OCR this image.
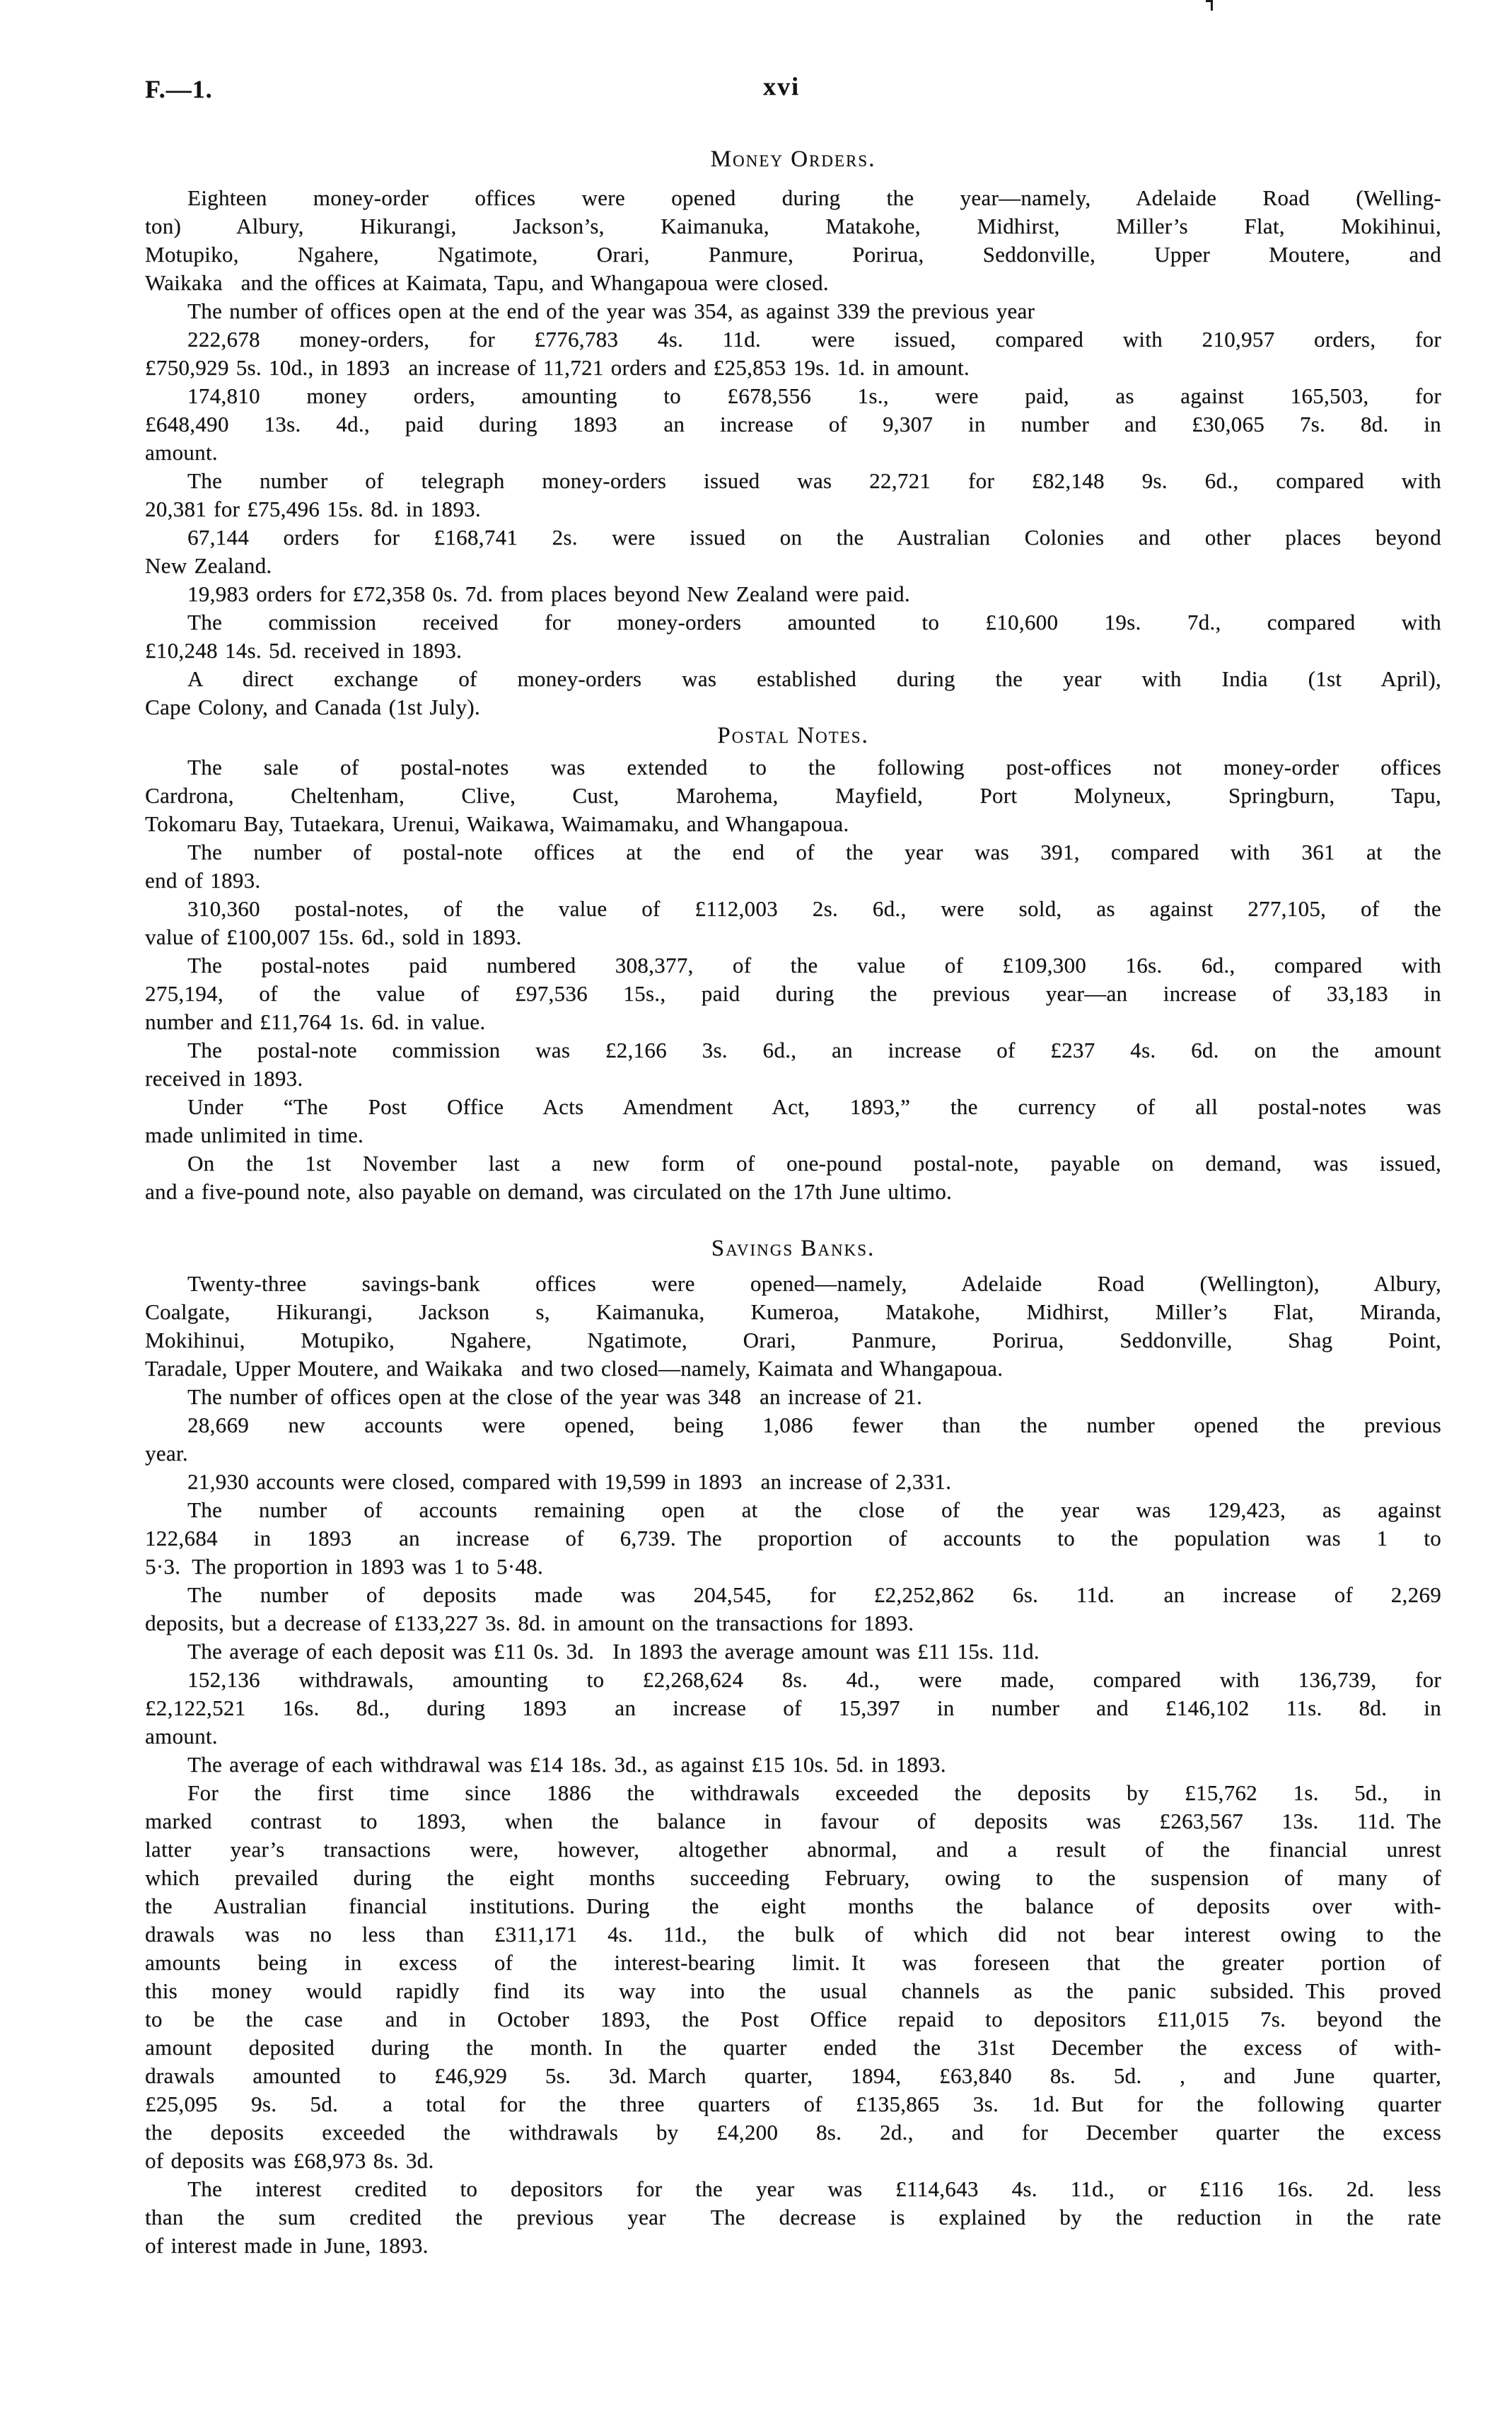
F.—1.	xvi
Money Orders.
Eighteen money-order offices were opened during the year—namely, Adelaide Road (Welling-
ton) Albury, Hikurangi, Jackson’s, Kaimanuka, Matakohe, Midhirst, Miller’s Flat, Mokihinui,
Motupiko, Ngahere, Ngatimote, Orari, Panmure, Porirua, Seddonville, Upper Moutere, and
Waikaka  and the offices at Kaimata, Tapu, and Whangapoua were closed.
The number of offices open at the end of the year was 354, as against 339 the previous year
222,678 money-orders, for £776,783 4s. 11d.  were issued, compared with 210,957 orders, for
£750,929 5s. 10d., in 1893  an increase of 11,721 orders and £25,853 19s. 1d. in amount.
174,810 money orders, amounting to £678,556 1s., were paid, as against 165,503, for
£648,490 13s. 4d., paid during 1893  an increase of 9,307 in number and £30,065 7s. 8d. in
amount.
The number of telegraph money-orders issued was 22,721 for £82,148 9s. 6d., compared with
20,381 for £75,496 15s. 8d. in 1893.
67,144 orders for £168,741 2s. were issued on the Australian Colonies and other places beyond
New Zealand.
19,983 orders for £72,358 0s. 7d. from places beyond New Zealand were paid.
The commission received for money-orders amounted to £10,600 19s. 7d., compared with
£10,248 14s. 5d. received in 1893.
A direct exchange of money-orders was established during the year with India (1st April),
Cape Colony, and Canada (1st July).
Postal Notes.
The sale of postal-notes was extended to the following post-offices not money-order offices
Cardrona, Cheltenham, Clive, Cust, Marohema, Mayfield, Port Molyneux, Springburn, Tapu,
Tokomaru Bay, Tutaekara, Urenui, Waikawa, Waimamaku, and Whangapoua.
The number of postal-note offices at the end of the year was 391, compared with 361 at the
end of 1893.
310,360 postal-notes, of the value of £112,003 2s. 6d., were sold, as against 277,105, of the
value of £100,007 15s. 6d., sold in 1893.
The postal-notes paid numbered 308,377, of the value of £109,300 16s. 6d., compared with
275,194, of the value of £97,536 15s., paid during the previous year—an increase of 33,183 in
number and £11,764 1s. 6d. in value.
The postal-note commission was £2,166 3s. 6d., an increase of £237 4s. 6d. on the amount
received in 1893.
Under “The Post Office Acts Amendment Act, 1893,” the currency of all postal-notes was
made unlimited in time.
On the 1st November last a new form of one-pound postal-note, payable on demand, was issued,
and a five-pound note, also payable on demand, was circulated on the 17th June ultimo.
Savings Banks.
Twenty-three savings-bank offices were opened—namely, Adelaide Road (Wellington), Albury,
Coalgate, Hikurangi, Jackson s, Kaimanuka, Kumeroa, Matakohe, Midhirst, Miller’s Flat, Miranda,
Mokihinui, Motupiko, Ngahere, Ngatimote, Orari, Panmure, Porirua, Seddonville, Shag Point,
Taradale, Upper Moutere, and Waikaka  and two closed—namely, Kaimata and Whangapoua.
The number of offices open at the close of the year was 348  an increase of 21.
28,669 new accounts were opened, being 1,086 fewer than the number opened the previous
year.
21,930 accounts were closed, compared with 19,599 in 1893  an increase of 2,331.
The number of accounts remaining open at the close of the year was 129,423, as against
122,684 in 1893  an increase of 6,739. The proportion of accounts to the population was 1 to
5·3. The proportion in 1893 was 1 to 5·48.
The number of deposits made was 204,545, for £2,252,862 6s. 11d.  an increase of 2,269
deposits, but a decrease of £133,227 3s. 8d. in amount on the transactions for 1893.
The average of each deposit was £11 0s. 3d.  In 1893 the average amount was £11 15s. 11d.
152,136 withdrawals, amounting to £2,268,624 8s. 4d., were made, compared with 136,739, for
£2,122,521 16s. 8d., during 1893  an increase of 15,397 in number and £146,102 11s. 8d. in
amount.
The average of each withdrawal was £14 18s. 3d., as against £15 10s. 5d. in 1893.
For the first time since 1886 the withdrawals exceeded the deposits by £15,762 1s. 5d., in
marked contrast to 1893, when the balance in favour of deposits was £263,567 13s. 11d. The
latter year’s transactions were, however, altogether abnormal, and a result of the financial unrest
which prevailed during the eight months succeeding February, owing to the suspension of many of
the Australian financial institutions. During the eight months the balance of deposits over with-
drawals was no less than £311,171 4s. 11d., the bulk of which did not bear interest owing to the
amounts being in excess of the interest-bearing limit. It was foreseen that the greater portion of
this money would rapidly find its way into the usual channels as the panic subsided. This proved
to be the case  and in October 1893, the Post Office repaid to depositors £11,015 7s. beyond the
amount deposited during the month. In the quarter ended the 31st December the excess of with-
drawals amounted to £46,929 5s. 3d. March quarter, 1894, £63,840 8s. 5d. , and June quarter,
£25,095 9s. 5d.  a total for the three quarters of £135,865 3s. 1d. But for the following quarter
the deposits exceeded the withdrawals by £4,200 8s. 2d., and for December quarter the excess
of deposits was £68,973 8s. 3d.
The interest credited to depositors for the year was £114,643 4s. 11d., or £116 16s. 2d. less
than the sum credited the previous year  The decrease is explained by the reduction in the rate
of interest made in June, 1893.
